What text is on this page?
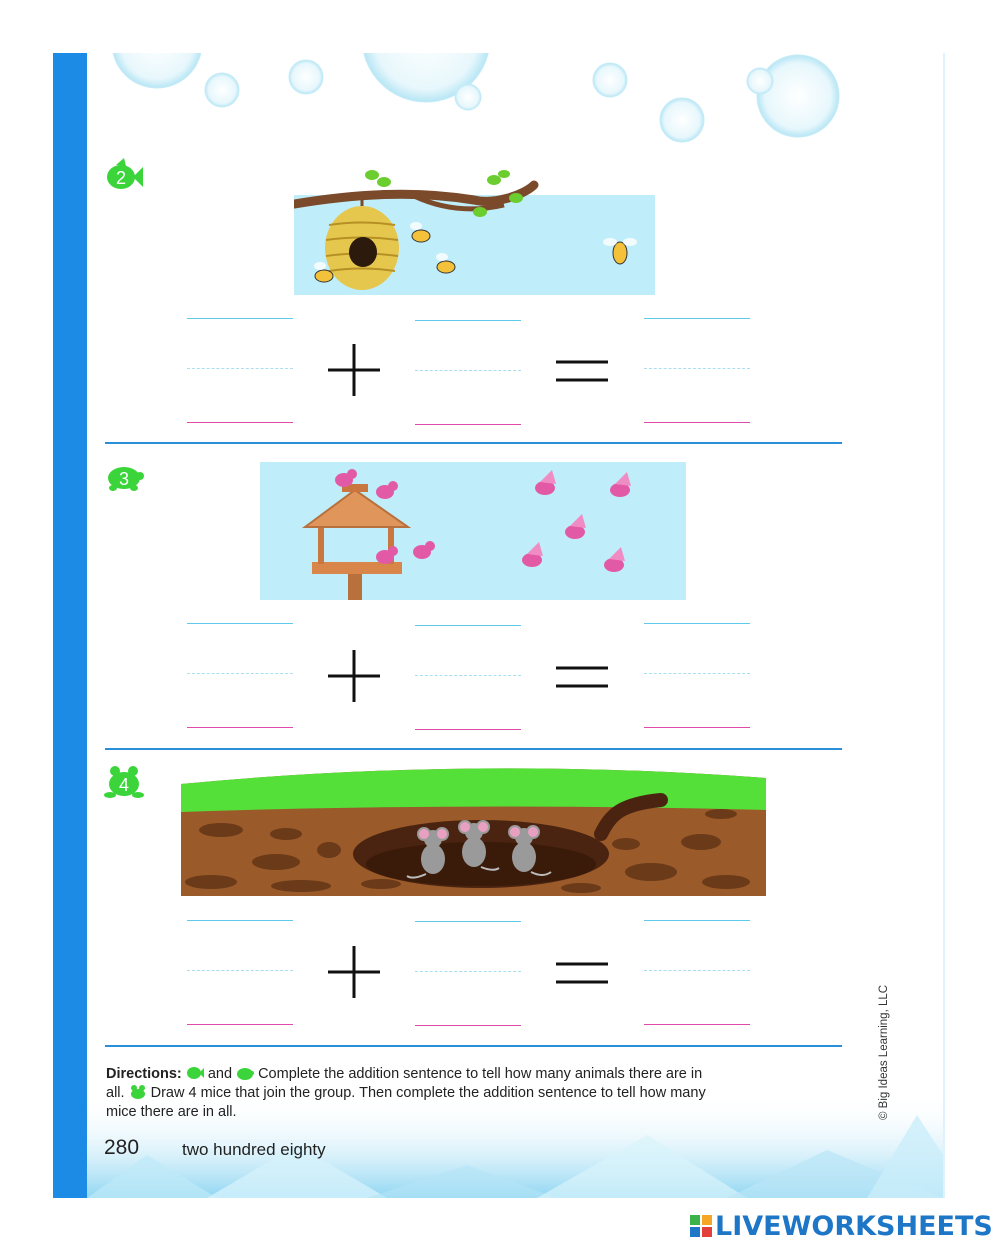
2
3
4
Directions: and Complete the addition sentence to tell how many animals there are in all. Draw 4 mice that join the group. Then complete the addition sentence to tell how many mice there are in all.
280	two hundred eighty
© Big Ideas Learning, LLC
LIVEWORKSHEETS
